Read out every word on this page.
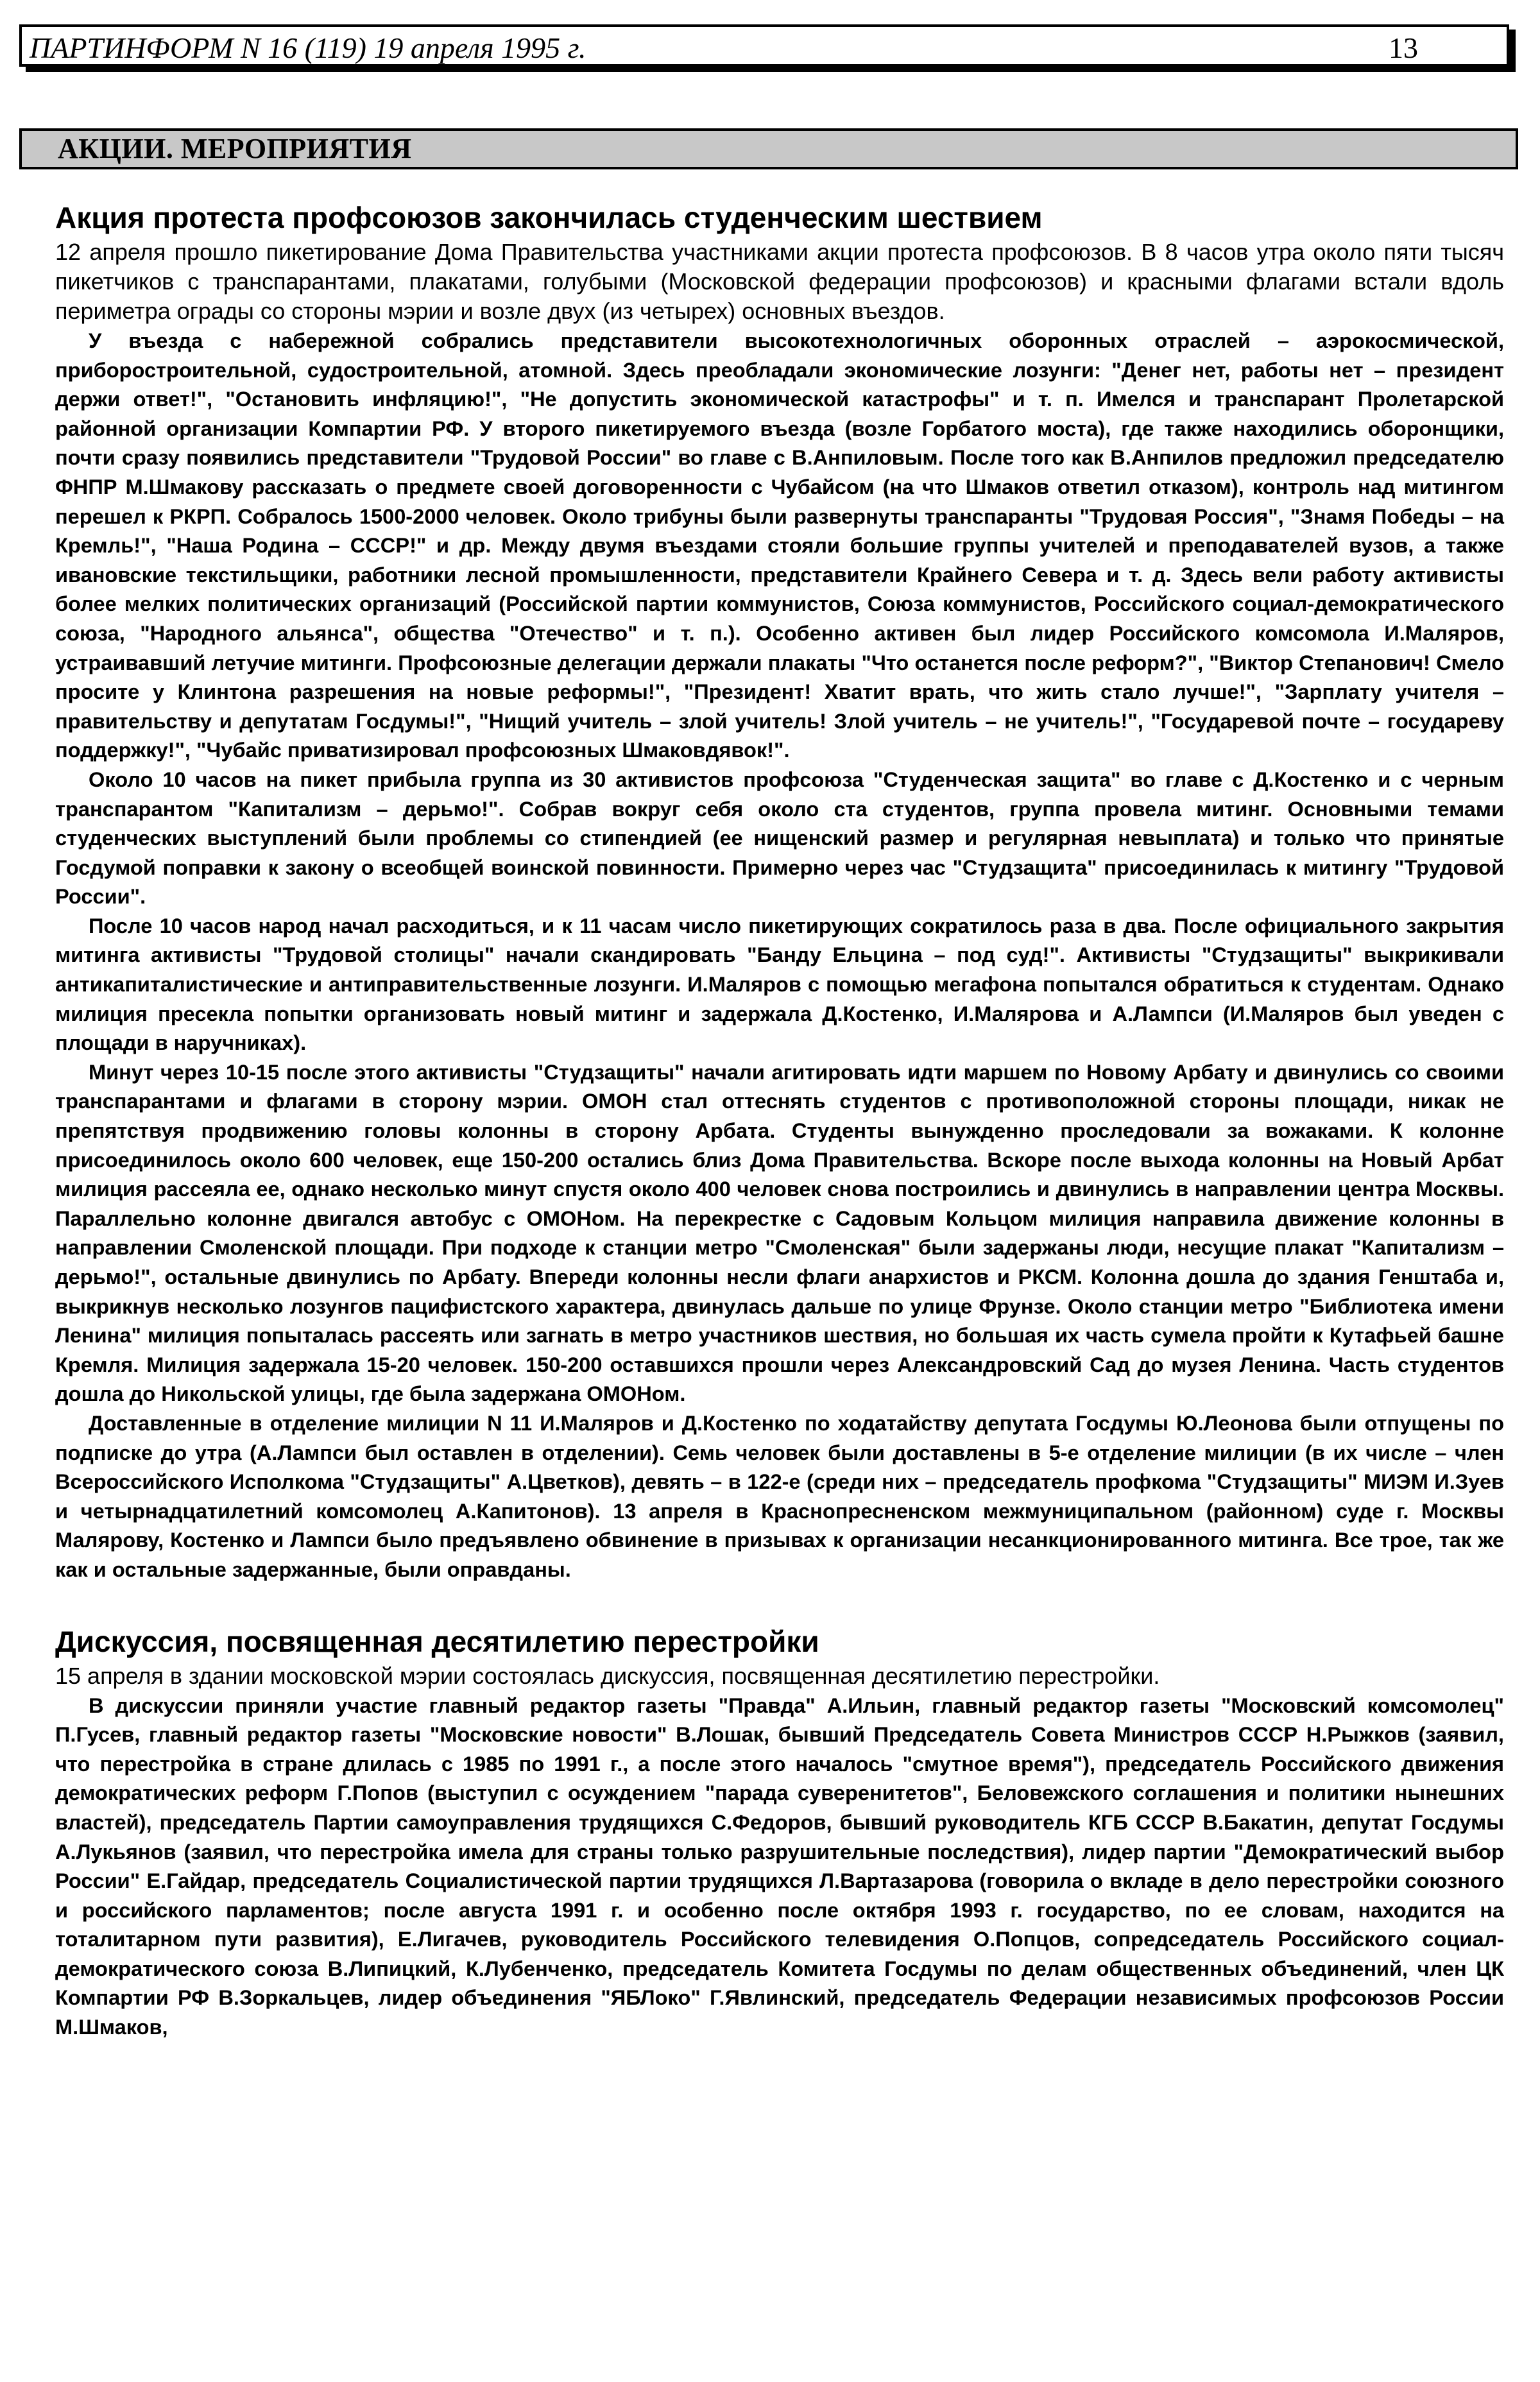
ПАРТИНФОРМ N 16 (119) 19 апреля 1995 г.	13
АКЦИИ. МЕРОПРИЯТИЯ
Акция протеста профсоюзов закончилась студенческим шествием

12 апреля прошло пикетирование Дома Правительства участниками акции протеста профсоюзов. В 8 часов утра около пяти тысяч пикетчиков с транспарантами, плакатами, голубыми (Московской федерации профсоюзов) и красными флагами встали вдоль периметра ограды со стороны мэрии и возле двух (из четырех) основных въездов.

У въезда с набережной собрались представители высокотехнологичных оборонных отраслей – аэрокосмической, приборостроительной, судостроительной, атомной. Здесь преобладали экономические лозунги: "Денег нет, работы нет – президент держи ответ!", "Остановить инфляцию!", "Не допустить экономической катастрофы" и т. п. Имелся и транспарант Пролетарской районной организации Компартии РФ. У второго пикетируемого въезда (возле Горбатого моста), где также находились оборонщики, почти сразу появились представители "Трудовой России" во главе с В.Анпиловым. После того как В.Анпилов предложил председателю ФНПР М.Шмакову рассказать о предмете своей договоренности с Чубайсом (на что Шмаков ответил отказом), контроль над митингом перешел к РКРП. Собралось 1500-2000 человек. Около трибуны были развернуты транспаранты "Трудовая Россия", "Знамя Победы – на Кремль!", "Наша Родина – СССР!" и др. Между двумя въездами стояли большие группы учителей и преподавателей вузов, а также ивановские текстильщики, работники лесной промышленности, представители Крайнего Севера и т. д. Здесь вели работу активисты более мелких политических организаций (Российской партии коммунистов, Союза коммунистов, Российского социал-демократического союза, "Народного альянса", общества "Отечество" и т. п.). Особенно активен был лидер Российского комсомола И.Маляров, устраивавший летучие митинги. Профсоюзные делегации держали плакаты "Что останется после реформ?", "Виктор Степанович! Смело просите у Клинтона разрешения на новые реформы!", "Президент! Хватит врать, что жить стало лучше!", "Зарплату учителя – правительству и депутатам Госдумы!", "Нищий учитель – злой учитель! Злой учитель – не учитель!", "Государевой почте – государеву поддержку!", "Чубайс приватизировал профсоюзных Шмаковдявок!".

Около 10 часов на пикет прибыла группа из 30 активистов профсоюза "Студенческая защита" во главе с Д.Костенко и с черным транспарантом "Капитализм – дерьмо!". Собрав вокруг себя около ста студентов, группа провела митинг. Основными темами студенческих выступлений были проблемы со стипендией (ее нищенский размер и регулярная невыплата) и только что принятые Госдумой поправки к закону о всеобщей воинской повинности. Примерно через час "Студзащита" присоединилась к митингу "Трудовой России".

После 10 часов народ начал расходиться, и к 11 часам число пикетирующих сократилось раза в два. После официального закрытия митинга активисты "Трудовой столицы" начали скандировать "Банду Ельцина – под суд!". Активисты "Студзащиты" выкрикивали антикапиталистические и антиправительственные лозунги. И.Маляров с помощью мегафона попытался обратиться к студентам. Однако милиция пресекла попытки организовать новый митинг и задержала Д.Костенко, И.Малярова и А.Лампси (И.Маляров был уведен с площади в наручниках).

Минут через 10-15 после этого активисты "Студзащиты" начали агитировать идти маршем по Новому Арбату и двинулись со своими транспарантами и флагами в сторону мэрии. ОМОН стал оттеснять студентов с противоположной стороны площади, никак не препятствуя продвижению головы колонны в сторону Арбата. Студенты вынужденно проследовали за вожаками. К колонне присоединилось около 600 человек, еще 150-200 остались близ Дома Правительства. Вскоре после выхода колонны на Новый Арбат милиция рассеяла ее, однако несколько минут спустя около 400 человек снова построились и двинулись в направлении центра Москвы. Параллельно колонне двигался автобус с ОМОНом. На перекрестке с Садовым Кольцом милиция направила движение колонны в направлении Смоленской площади. При подходе к станции метро "Смоленская" были задержаны люди, несущие плакат "Капитализм – дерьмо!", остальные двинулись по Арбату. Впереди колонны несли флаги анархистов и РКСМ. Колонна дошла до здания Генштаба и, выкрикнув несколько лозунгов пацифистского характера, двинулась дальше по улице Фрунзе. Около станции метро "Библиотека имени Ленина" милиция попыталась рассеять или загнать в метро участников шествия, но большая их часть сумела пройти к Кутафьей башне Кремля. Милиция задержала 15-20 человек. 150-200 оставшихся прошли через Александровский Сад до музея Ленина. Часть студентов дошла до Никольской улицы, где была задержана ОМОНом.

Доставленные в отделение милиции N 11 И.Маляров и Д.Костенко по ходатайству депутата Госдумы Ю.Леонова были отпущены по подписке до утра (А.Лампси был оставлен в отделении). Семь человек были доставлены в 5-е отделение милиции (в их числе – член Всероссийского Исполкома "Студзащиты" А.Цветков), девять – в 122-е (среди них – председатель профкома "Студзащиты" МИЭМ И.Зуев и четырнадцатилетний комсомолец А.Капитонов). 13 апреля в Краснопресненском межмуниципальном (районном) суде г. Москвы Малярову, Костенко и Лампси было предъявлено обвинение в призывах к организации несанкционированного митинга. Все трое, так же как и остальные задержанные, были оправданы.

Дискуссия, посвященная десятилетию перестройки

15 апреля в здании московской мэрии состоялась дискуссия, посвященная десятилетию перестройки.

В дискуссии приняли участие главный редактор газеты "Правда" А.Ильин, главный редактор газеты "Московский комсомолец" П.Гусев, главный редактор газеты "Московские новости" В.Лошак, бывший Председатель Совета Министров СССР Н.Рыжков (заявил, что перестройка в стране длилась с 1985 по 1991 г., а после этого началось "смутное время"), председатель Российского движения демократических реформ Г.Попов (выступил с осуждением "парада суверенитетов", Беловежского соглашения и политики нынешних властей), председатель Партии самоуправления трудящихся С.Федоров, бывший руководитель КГБ СССР В.Бакатин, депутат Госдумы А.Лукьянов (заявил, что перестройка имела для страны только разрушительные последствия), лидер партии "Демократический выбор России" Е.Гайдар, председатель Социалистической партии трудящихся Л.Вартазарова (говорила о вкладе в дело перестройки союзного и российского парламентов; после августа 1991 г. и особенно после октября 1993 г. государство, по ее словам, находится на тоталитарном пути развития), Е.Лигачев, руководитель Российского телевидения О.Попцов, сопредседатель Российского социал-демократического союза В.Липицкий, К.Лубенченко, председатель Комитета Госдумы по делам общественных объединений, член ЦК Компартии РФ В.Зоркальцев, лидер объединения "ЯБЛоко" Г.Явлинский, председатель Федерации независимых профсоюзов России М.Шмаков,
